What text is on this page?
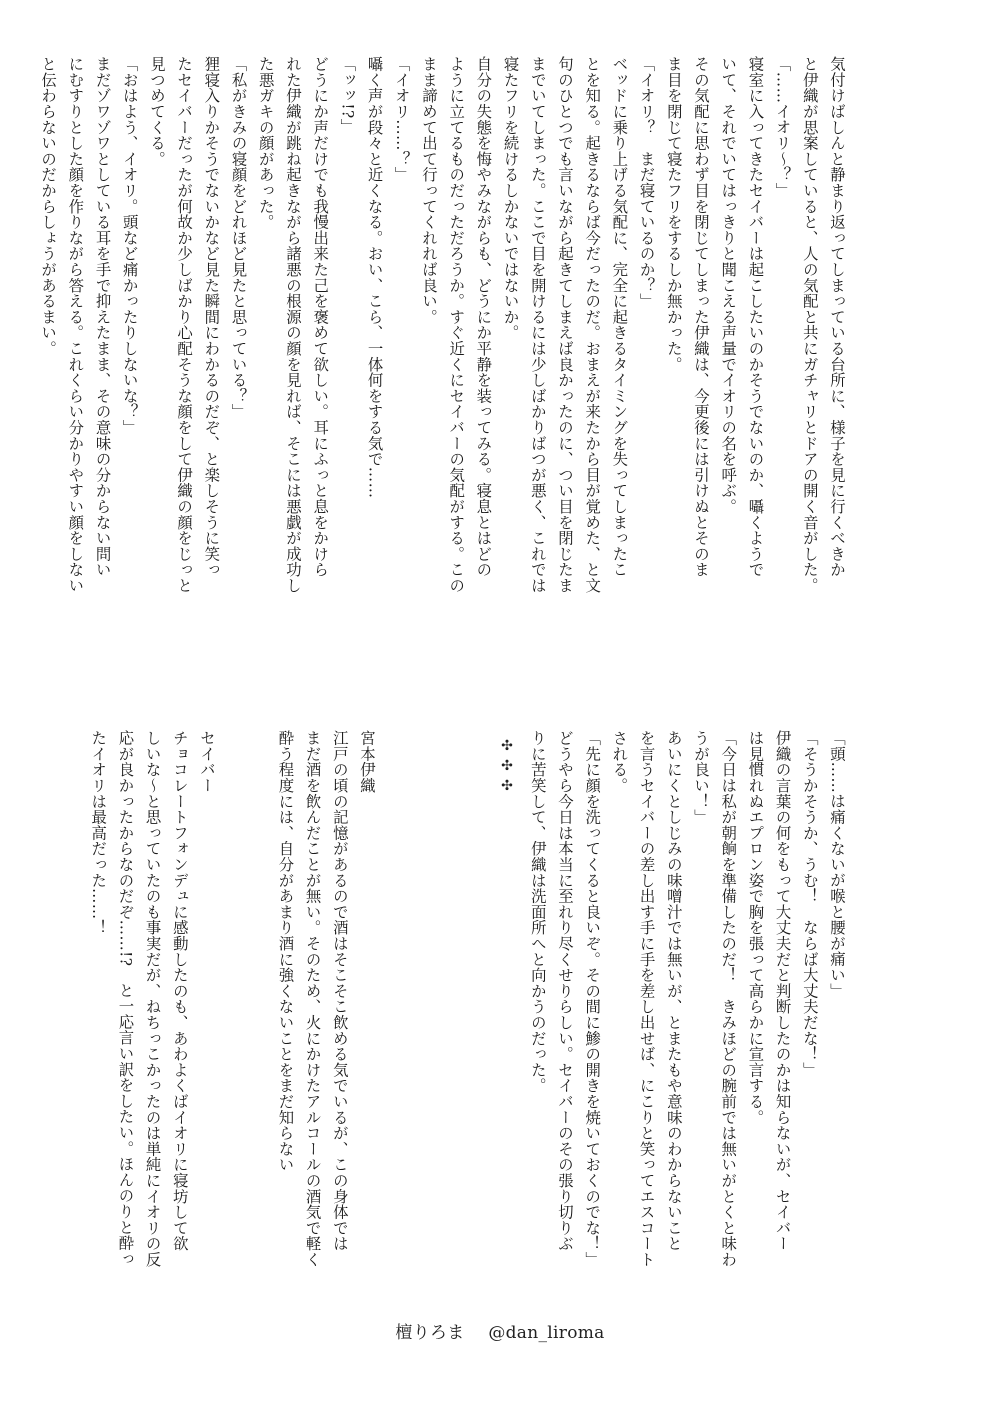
気付けばしんと静まり返ってしまっている台所に、様子を見に行くべきか
と伊織が思案していると、人の気配と共にガチャリとドアの開く音がした。
「……イオリ〜？」
寝室に入ってきたセイバーは起こしたいのかそうでないのか、囁くようで
いて、それでいてはっきりと聞こえる声量でイオリの名を呼ぶ。
その気配に思わず目を閉じてしまった伊織は、今更後には引けぬとそのま
ま目を閉じて寝たフリをするしか無かった。
「イオリ？　まだ寝ているのか？」
ベッドに乗り上げる気配に、完全に起きるタイミングを失ってしまったこ
とを知る。起きるならば今だったのだ。おまえが来たから目が覚めた、と文
句のひとつでも言いながら起きてしまえば良かったのに、つい目を閉じたま
までいてしまった。ここで目を開けるには少しばかりばつが悪く、これでは
寝たフリを続けるしかないではないか。
自分の失態を悔やみながらも、どうにか平静を装ってみる。寝息とはどの
ように立てるものだっただろうか。すぐ近くにセイバーの気配がする。この
まま諦めて出て行ってくれれば良い。
「イオリ……？」
囁く声が段々と近くなる。おい、こら、一体何をする気で……
「ッッ!?」
どうにか声だけでも我慢出来た己を褒めて欲しい。耳にふっと息をかけら
れた伊織が跳ね起きながら諸悪の根源の顔を見れば、そこには悪戯が成功し
た悪ガキの顔があった。
「私がきみの寝顔をどれほど見たと思っている？」
狸寝入りかそうでないかなど見た瞬間にわかるのだぞ、と楽しそうに笑っ
たセイバーだったが何故か少しばかり心配そうな顔をして伊織の顔をじっと
見つめてくる。
「おはよう、イオリ。頭など痛かったりしないな？」
まだゾワゾワとしている耳を手で抑えたまま、その意味の分からない問い
にむすりとした顔を作りながら答える。これくらい分かりやすい顔をしない
と伝わらないのだからしょうがあるまい。
「頭……は痛くないが喉と腰が痛い」
「そうかそうか、うむ！　ならば大丈夫だな！」
伊織の言葉の何をもって大丈夫だと判断したのかは知らないが、セイバー
は見慣れぬエプロン姿で胸を張って高らかに宣言する。
「今日は私が朝餉を準備したのだ！　きみほどの腕前では無いがとくと味わ
うが良い！」
あいにくとしじみの味噌汁では無いが、とまたもや意味のわからないこと
を言うセイバーの差し出す手に手を差し出せば、にこりと笑ってエスコート
される。
「先に顔を洗ってくると良いぞ。その間に鯵の開きを焼いておくのでな！」
どうやら今日は本当に至れり尽くせりらしい。セイバーのその張り切りぶ
りに苦笑して、伊織は洗面所へと向かうのだった。
✣✣✣
宮本伊織
江戸の頃の記憶があるので酒はそこそこ飲める気でいるが、この身体では
まだ酒を飲んだことが無い。そのため、火にかけたアルコールの酒気で軽く
酔う程度には、自分があまり酒に強くないことをまだ知らない
セイバー
チョコレートフォンデュに感動したのも、あわよくばイオリに寝坊して欲
しいな〜と思っていたのも事実だが、ねちっこかったのは単純にイオリの反
応が良かったからなのだぞ……!?　と一応言い訳をしたい。ほんのりと酔っ
たイオリは最高だった……！
檀りろま @dan_liroma
